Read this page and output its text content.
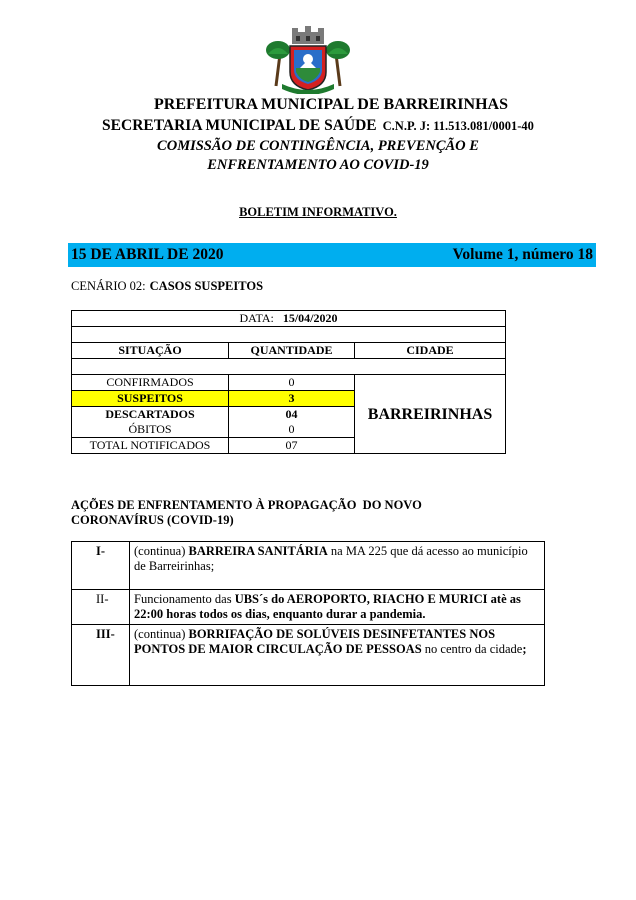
PREFEITURA MUNICIPAL DE BARREIRINHAS
SECRETARIA MUNICIPAL DE SAÚDE C.N.P. J: 11.513.081/0001-40
COMISSÃO DE CONTINGÊNCIA, PREVENÇÃO E
ENFRENTAMENTO AO COVID-19
BOLETIM INFORMATIVO.
15 DE ABRIL DE 2020	Volume 1, número 18
CENÁRIO 02: CASOS SUSPEITOS
DATA: 15/04/2020		

SITUAÇÃO	QUANTIDADE	CIDADE

CONFIRMADOS	0	BARREIRINHAS
SUSPEITOS	3	
DESCARTADOS	04	
ÓBITOS	0	
TOTAL NOTIFICADOS	07	
AÇÕES DE ENFRENTAMENTO À PROPAGAÇÃO  DO NOVO
CORONAVÍRUS (COVID-19)
I-	(continua) BARREIRA SANITÁRIA na MA 225 que dá acesso ao município de Barreirinhas;
II-	Funcionamento das UBS´s do AEROPORTO, RIACHO E MURICI atè as 22:00 horas todos os dias, enquanto durar a pandemia.
III-	(continua) BORRIFAÇÃO DE SOLÚVEIS DESINFETANTES NOS PONTOS DE MAIOR CIRCULAÇÃO DE PESSOAS no centro da cidade;
